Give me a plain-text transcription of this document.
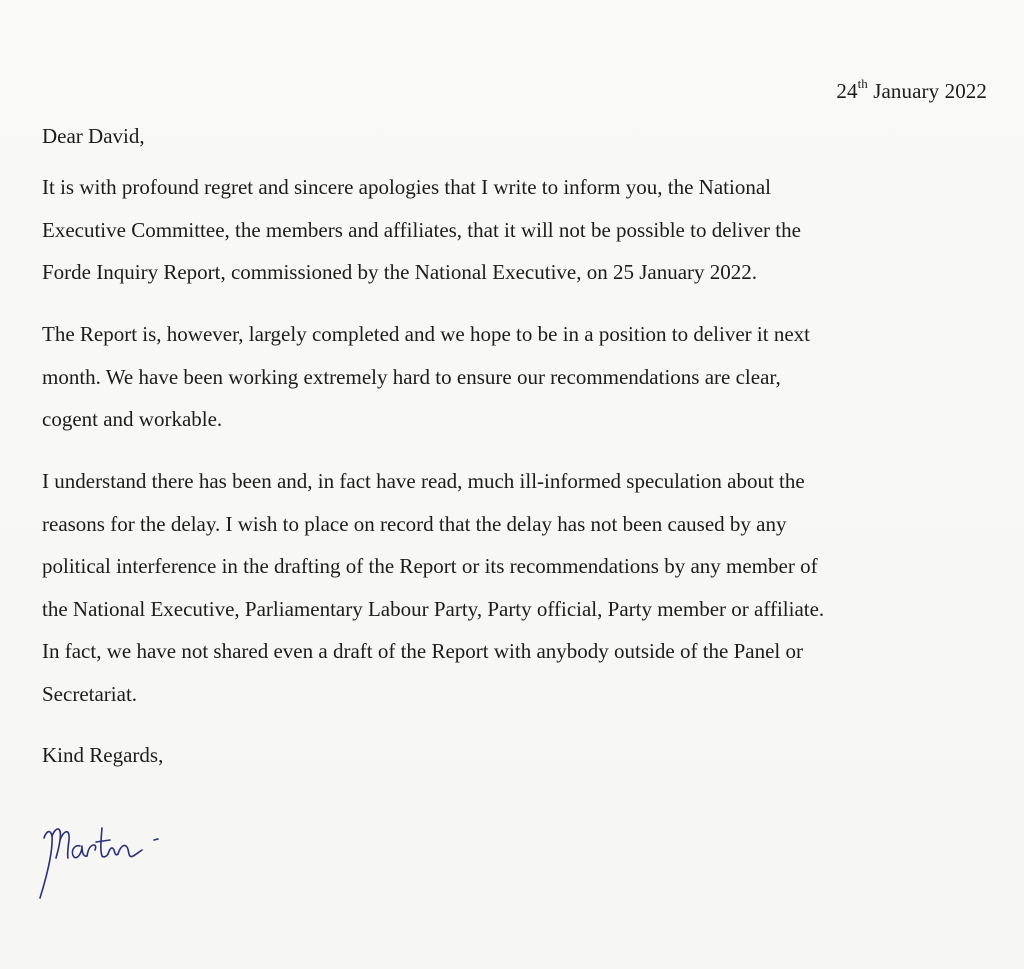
24th January 2022
Dear David,
It is with profound regret and sincere apologies that I write to inform you, the National
Executive Committee, the members and affiliates, that it will not be possible to deliver the
Forde Inquiry Report, commissioned by the National Executive, on 25 January 2022.
The Report is, however, largely completed and we hope to be in a position to deliver it next
month. We have been working extremely hard to ensure our recommendations are clear,
cogent and workable.
I understand there has been and, in fact have read, much ill-informed speculation about the
reasons for the delay. I wish to place on record that the delay has not been caused by any
political interference in the drafting of the Report or its recommendations by any member of
the National Executive, Parliamentary Labour Party, Party official, Party member or affiliate.
In fact, we have not shared even a draft of the Report with anybody outside of the Panel or
Secretariat.
Kind Regards,
